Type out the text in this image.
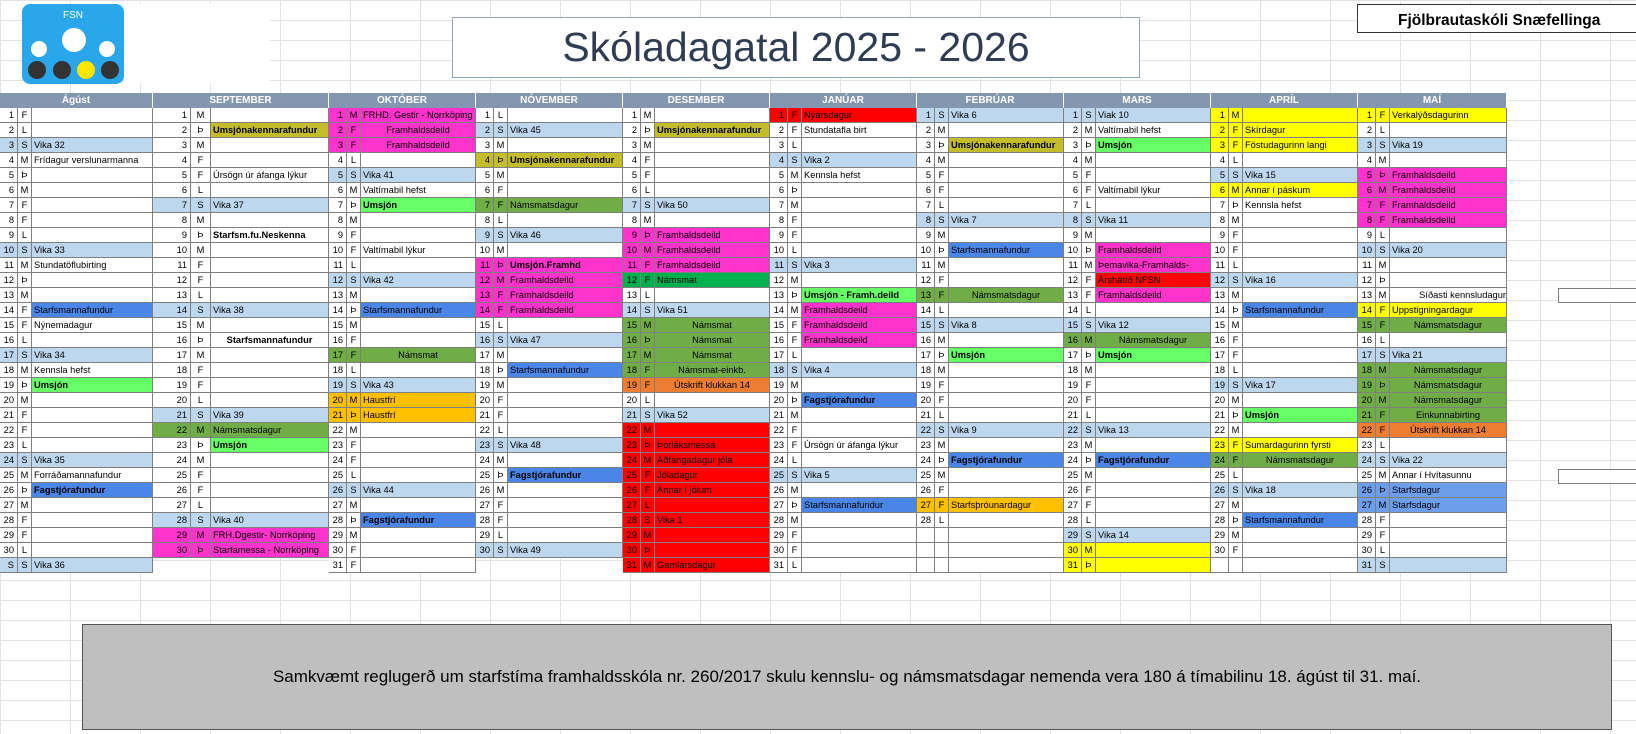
FSN
Skóladagatal 2025 - 2026
Fjölbrautaskóli Snæfellinga
Ágúst
1 F
2 L
3 S Vika 32
4 M Frídagur verslunarmanna
5 Þ
6 M
7 F
8 F
9 L
10 S Vika 33
11 M Stundatöflubirting
12 Þ
13 M
14 F Starfsmannafundur
15 F Nýnemadagur
16 L
17 S Vika 34
18 M Kennsla hefst
19 Þ Umsjón
20 M
21 F
22 F
23 L
24 S Vika 35
25 M Forráðamannafundur
26 Þ Fagstjórafundur
27 M
28 F
29 F
30 L
S S Vika 36
SEPTEMBER
1	M
2	Þ	Umsjónakennarafundur
3	M
4	F
5	F	Úrsögn úr áfanga lýkur
6	L
7	S	Vika 37
8	M
9	Þ	Starfsm.fu.Neskenna
10	M
11	F
12	F
13	L
14	S	Vika 38
15	M
16	Þ	Starfsmannafundur
17	M
18	F
19	F
20	L
21	S	Vika 39
22	M Námsmatsdagur
23	Þ	Umsjón
24	M
25	F
26	F
27	L
28	S	Vika 40
29	M FRH.Dgestir- Norrköping
30	Þ	Starfamessa - Norrköping
OKTÓBER
1 M FRHD. Gestir - Norrköping
2 F	Framhaldsdeild
3 F	Framhaldsdeild
4 L
5 S Vika 41
6 M Valtímabil hefst
7 Þ Umsjón
8 M
9 F
10 F Valtímabil lýkur
11 L
12 S Vika 42
13 M
14 Þ Starfsmannafundur
15 M
16 F
17 F	Námsmat
18 L
19 S Vika 43
20 M Haustfrí
21 Þ Haustfrí
22 M
23 F
24 F
25 L
26 S Vika 44
27 M
28 Þ Fagstjórafundur
29 M
30 F
31 F
NÓVEMBER
1 L
2 S Vika 45
3 M
4 Þ Umsjónakennarafundur
5 M
6 F
7 F Námsmatsdagur
8 L
9 S Vika 46
10 M
11 Þ Umsjón.Framhd
12 M Framhaldsdeild
13 F Framhaldsdeild
14 F Framhaldsdeild
15 L
16 S Vika 47
17 M
18 Þ Starfsmannafundur
19 M
20 F
21 F
22 L
23 S Vika 48
24 M
25 Þ Fagstjórafundur
26 M
27 F
28 F
29 L
30 S Vika 49
DESEMBER
1 M
2 Þ Umsjónakennarafundur
3 M
4 F
5 F
6 L
7 S Vika 50
8 M
9 Þ Framhaldsdeild
10 M Framhaldsdeild
11 F Framhaldsdeild
12 F Námsmat
13 L
14 S Vika 51
15 M	Námsmat
16 Þ	Námsmat
17 M	Námsmat
18 F	Námsmat-einkb.
19 F	Útskrift klukkan 14
20 L
21 S Vika 52
22 M
23 Þ Þorláksmessa
24 M Aðfangadagur jóla
25 F Jóladagur
26 F Annar í jólum
27 L
28 S Vika 1
29 M
30 Þ
31 M Gamlársdagur
JANÚAR
1 F Nýársdagur
2 F Stundatafla birt
3 L
4 S Vika 2
5 M Kennsla hefst
6 Þ
7 M
8 F
9 F
10 L
11 S Vika 3
12 M
13 Þ Umsjón - Framh.deild
14 M Framhaldsdeild
15 F Framhaldsdeild
16 F Framhaldsdeild
17 L
18 S Vika 4
19 M
20 Þ Fagstjórafundur
21 M
22 F
23 F Úrsögn úr áfanga lýkur
24 L
25 S Vika 5
26 M
27 Þ Starfsmannafundur
28 M
29 F
30 F
31 L
FEBRÚAR
1 S Vika 6
2 M
3 Þ Umsjónakennarafundur
4 M
5 F
6 F
7 L
8 S Vika 7
9 M
10 Þ Starfsmannafundur
11 M
12 F
13 F	Námsmatsdagur
14 L
15 S Vika 8
16 M
17 Þ Umsjón
18 M
19 F
20 F
21 L
22 S Vika 9
23 M
24 Þ Fagstjórafundur
25 M
26 F
27 F Starfsþróunardagur
28 L
MARS
1 S Viak 10
2 M Valtímabil hefst
3 Þ Umsjón
4 M
5 F
6 F Valtímabil lýkur
7 L
8 S Vika 11
9 M
10 Þ Framhaldsdeild
11 M Þemavika-Framhalds-
12 F Árshátíð NFSN
13 F Framhaldsdeild
14 L
15 S Vika 12
16 M	Námsmatsdagur
17 Þ Umsjón
18 M
19 F
20 F
21 L
22 S Vika 13
23 M
24 Þ Fagstjórafundur
25 M
26 F
27 F
28 L
29 S Vika 14
30 M
31 Þ
APRÍL
1 M
2 F Skírdagur
3 F Föstudagurinn langi
4 L
5 S Vika 15
6 M Annar í páskum
7 Þ Kennsla hefst
8 M
9 F
10 F
11 L
12 S Vika 16
13 M
14 Þ Starfsmannafundur
15 M
16 F
17 F
18 L
19 S Vika 17
20 M
21 Þ Umsjón
22 M
23 F Sumardagurinn fyrsti
24 F	Námsmatsdagur
25 L
26 S Vika 18
27 M
28 Þ Starfsmannafundur
29 M
30 F
MAÍ
1 F Verkalýðsdagurinn
2 L
3 S Vika 19
4 M
5 Þ Framhaldsdeild
6 M Framhaldsdeild
7 F Framhaldsdeild
8 F Framhaldsdeild
9 L
10 S Vika 20
11 M
12 Þ
13 M	Síðasti kennsludagur
14 F Uppstigningardagur
15 F	Námsmatsdagur
16 L
17 S Vika 21
18 M	Námsmatsdagur
19 Þ	Námsmatsdagur
20 M	Námsmatsdagur
21 F	Einkunnabirting
22 F	Útskrift klukkan 14
23 L
24 S Vika 22
25 M Annar í Hvítasunnu
26 Þ Starfsdagur
27 M Starfsdagur
28 F
29 F
30 L
31 S
Samkvæmt reglugerð um starfstíma framhaldsskóla nr. 260/2017 skulu kennslu- og námsmatsdagar nemenda vera 180 á tímabilinu 18. ágúst til 31. maí.
